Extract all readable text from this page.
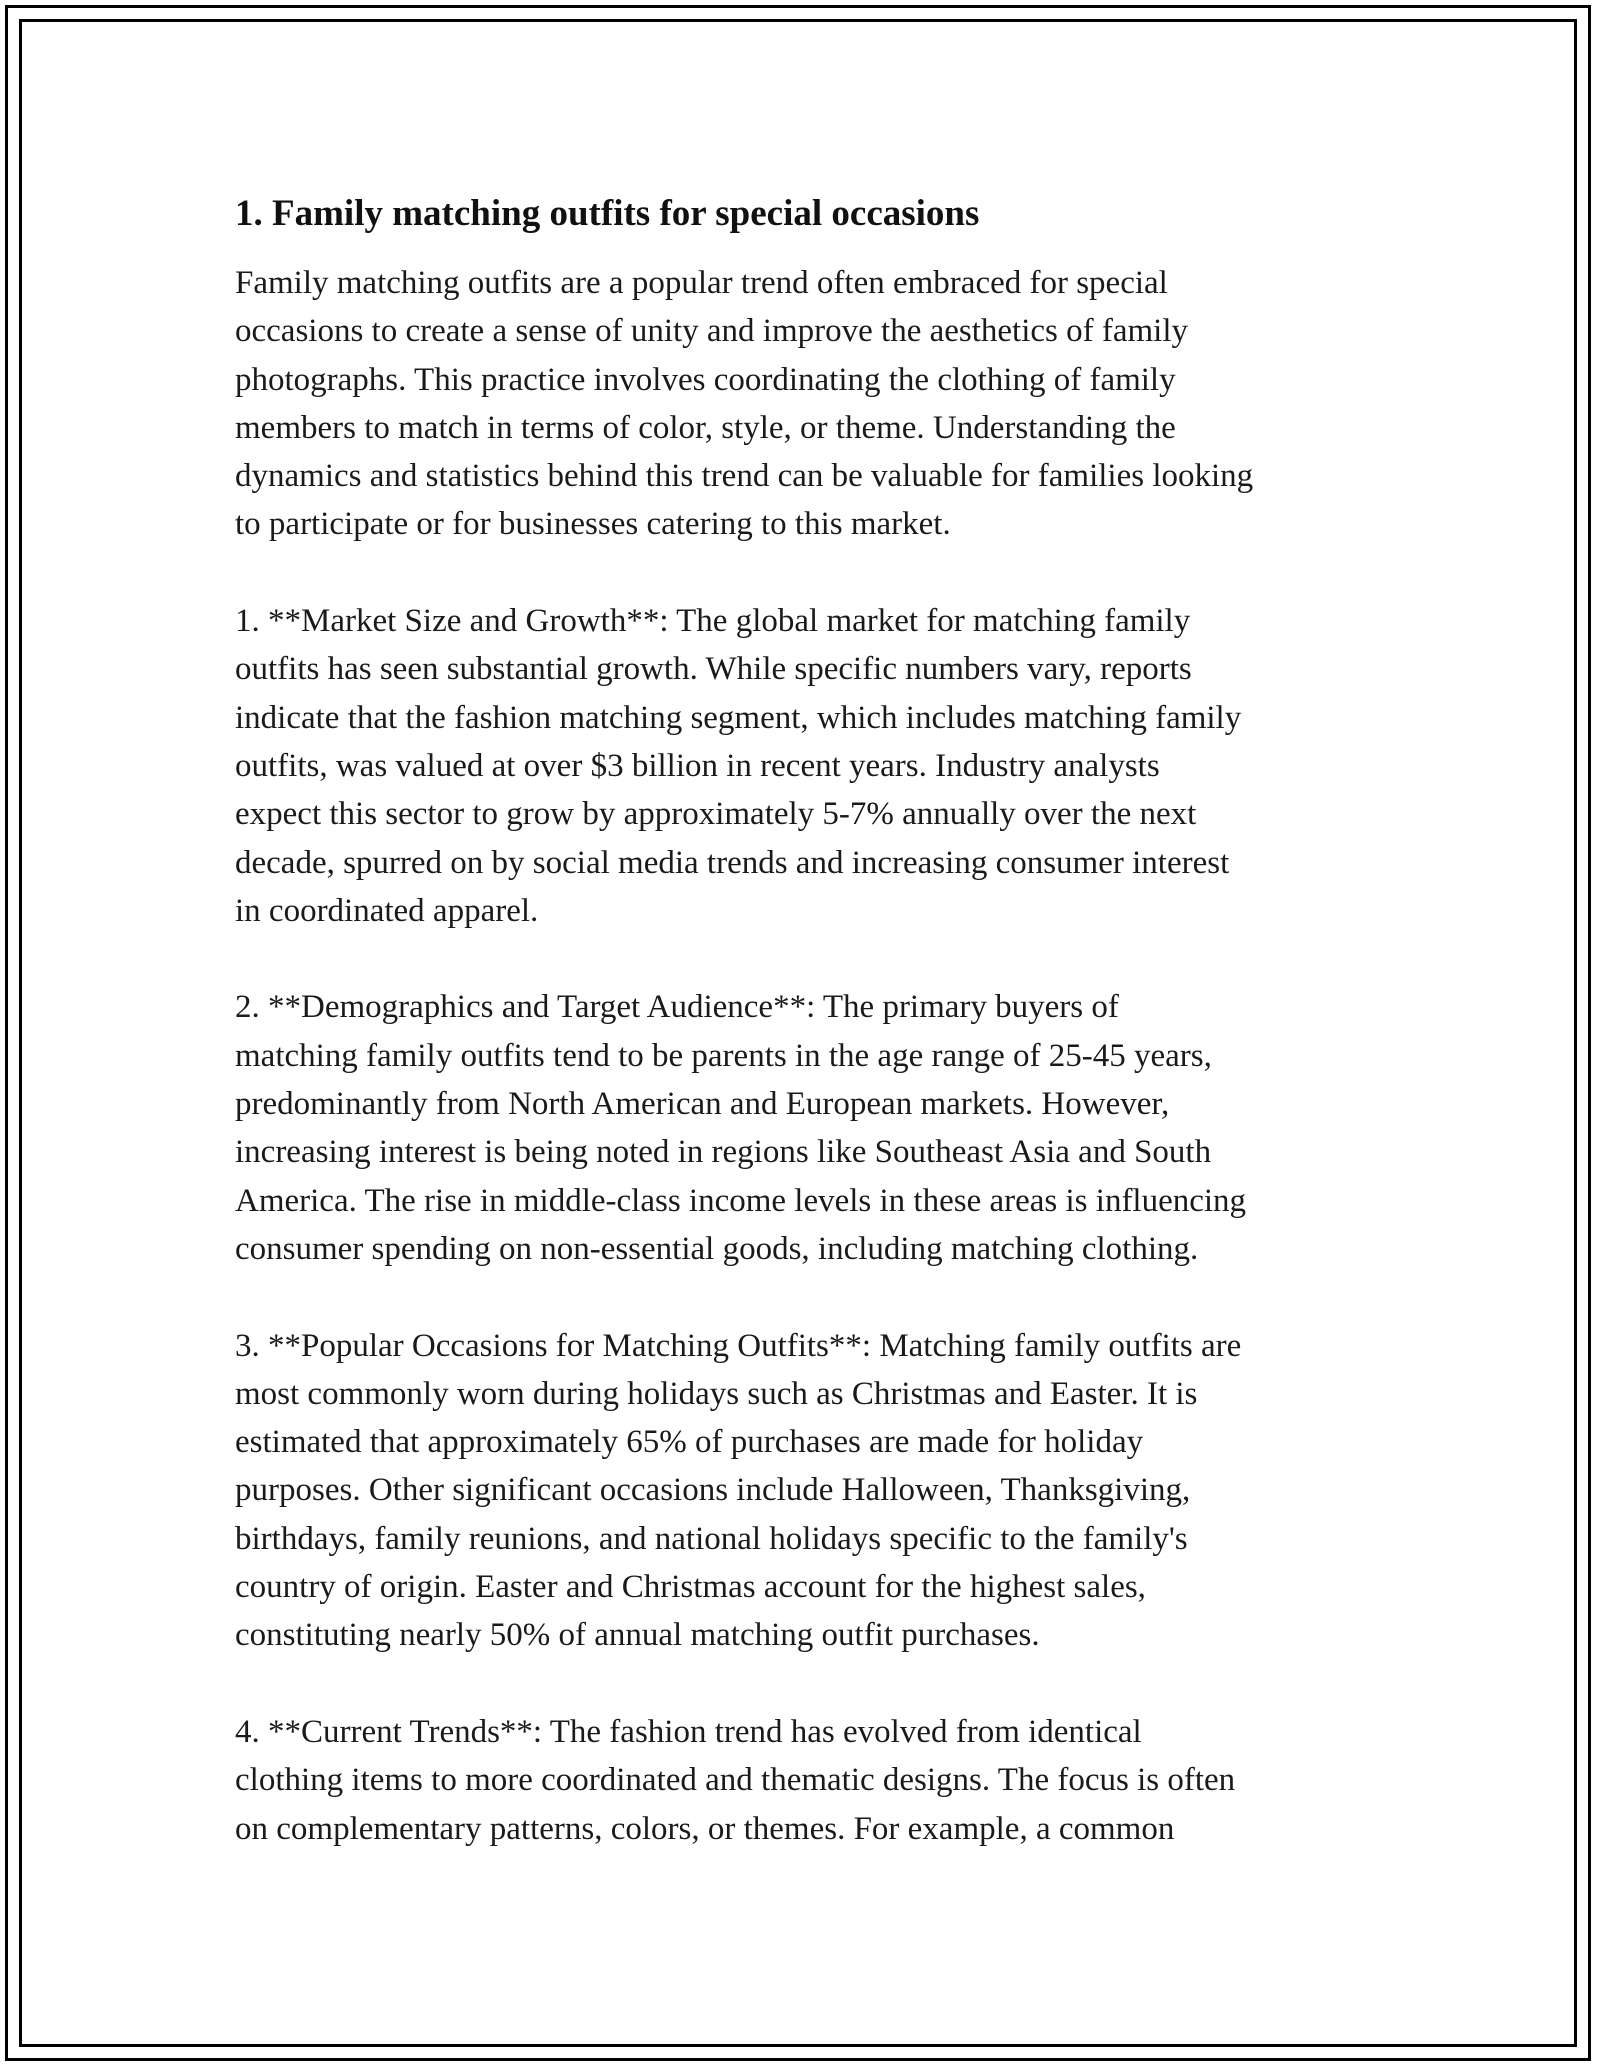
1. Family matching outfits for special occasions

Family matching outfits are a popular trend often embraced for special
occasions to create a sense of unity and improve the aesthetics of family
photographs. This practice involves coordinating the clothing of family
members to match in terms of color, style, or theme. Understanding the
dynamics and statistics behind this trend can be valuable for families looking
to participate or for businesses catering to this market.

1. **Market Size and Growth**: The global market for matching family
outfits has seen substantial growth. While specific numbers vary, reports
indicate that the fashion matching segment, which includes matching family
outfits, was valued at over $3 billion in recent years. Industry analysts
expect this sector to grow by approximately 5-7% annually over the next
decade, spurred on by social media trends and increasing consumer interest
in coordinated apparel.

2. **Demographics and Target Audience**: The primary buyers of
matching family outfits tend to be parents in the age range of 25-45 years,
predominantly from North American and European markets. However,
increasing interest is being noted in regions like Southeast Asia and South
America. The rise in middle-class income levels in these areas is influencing
consumer spending on non-essential goods, including matching clothing.

3. **Popular Occasions for Matching Outfits**: Matching family outfits are
most commonly worn during holidays such as Christmas and Easter. It is
estimated that approximately 65% of purchases are made for holiday
purposes. Other significant occasions include Halloween, Thanksgiving,
birthdays, family reunions, and national holidays specific to the family's
country of origin. Easter and Christmas account for the highest sales,
constituting nearly 50% of annual matching outfit purchases.

4. **Current Trends**: The fashion trend has evolved from identical
clothing items to more coordinated and thematic designs. The focus is often
on complementary patterns, colors, or themes. For example, a common
